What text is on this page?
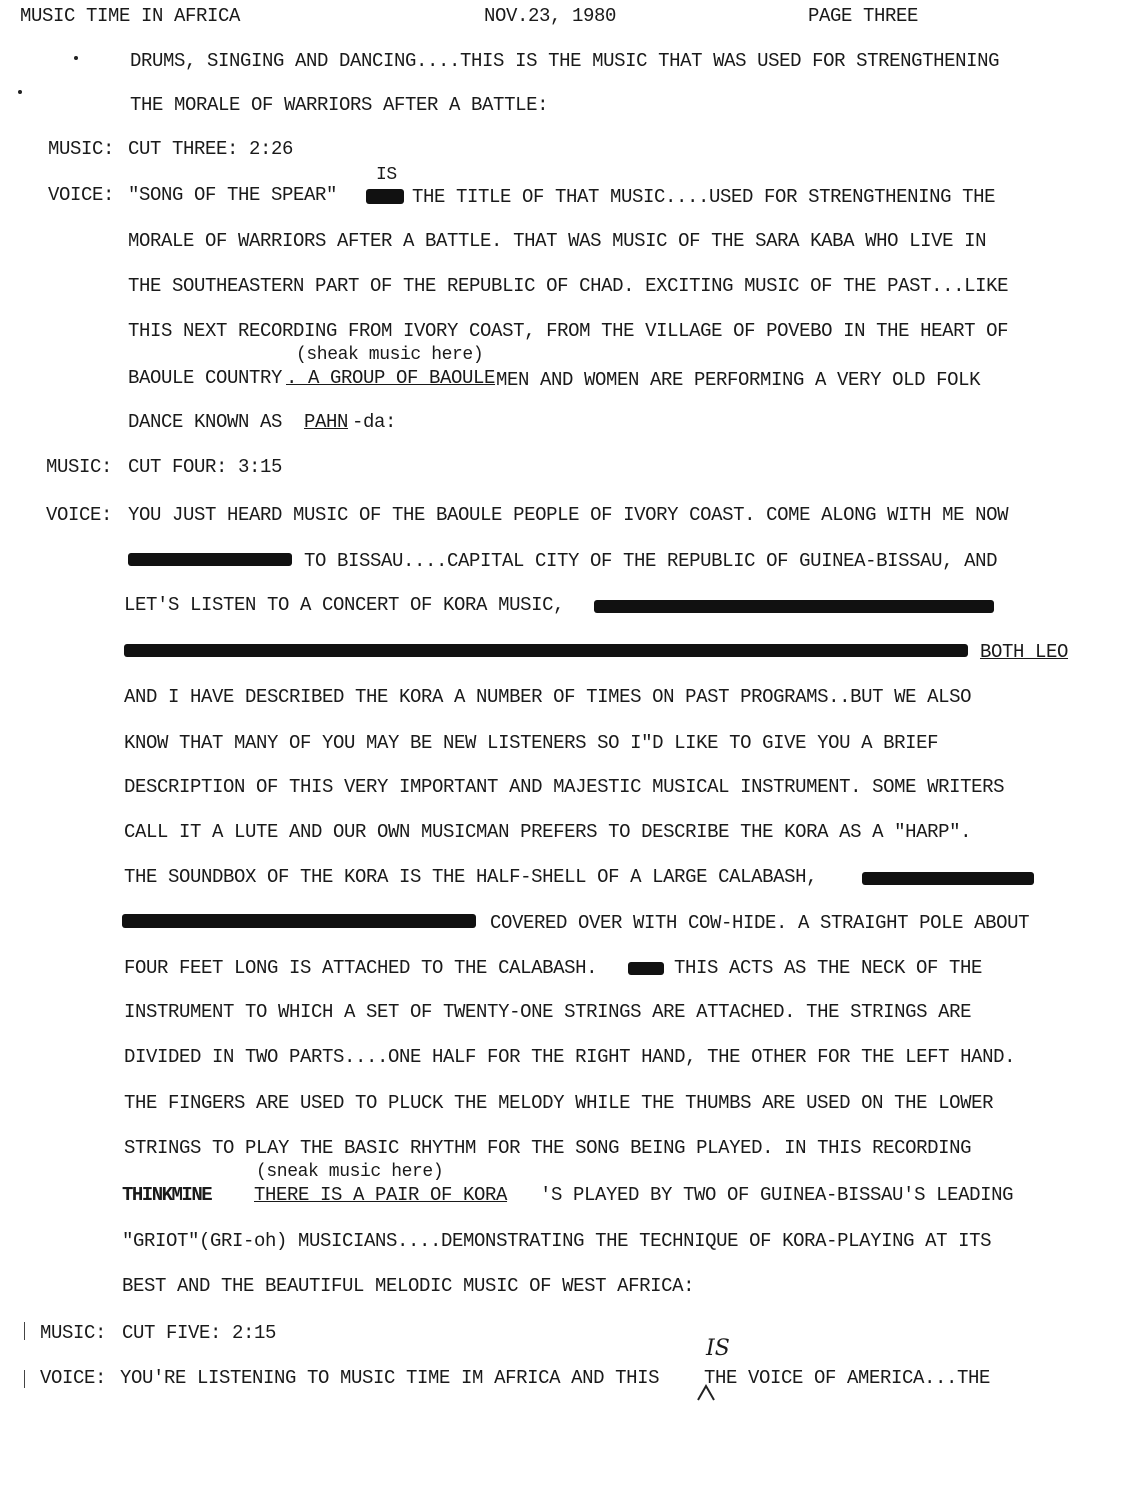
MUSIC TIME IN AFRICA	NOV.23, 1980	PAGE THREE
DRUMS, SINGING AND DANCING....THIS IS THE MUSIC THAT WAS USED FOR STRENGTHENING
THE MORALE OF WARRIORS AFTER A BATTLE:
MUSIC: CUT THREE: 2:26
IS
VOICE: "SONG OF THE SPEAR"	THE TITLE OF THAT MUSIC....USED FOR STRENGTHENING THE
MORALE OF WARRIORS AFTER A BATTLE. THAT WAS MUSIC OF THE SARA KABA WHO LIVE IN
THE SOUTHEASTERN PART OF THE REPUBLIC OF CHAD. EXCITING MUSIC OF THE PAST...LIKE
THIS NEXT RECORDING FROM IVORY COAST, FROM THE VILLAGE OF POVEBO IN THE HEART OF
(sheak music here)
BAOULE COUNTRY . A GROUP OF BAOULE MEN AND WOMEN ARE PERFORMING A VERY OLD FOLK
DANCE KNOWN AS PAHN -da:
MUSIC: CUT FOUR: 3:15
VOICE: YOU JUST HEARD MUSIC OF THE BAOULE PEOPLE OF IVORY COAST. COME ALONG WITH ME NOW
TO BISSAU....CAPITAL CITY OF THE REPUBLIC OF GUINEA-BISSAU, AND
LET'S LISTEN TO A CONCERT OF KORA MUSIC,
BOTH LEO
AND I HAVE DESCRIBED THE KORA A NUMBER OF TIMES ON PAST PROGRAMS..BUT WE ALSO
KNOW THAT MANY OF YOU MAY BE NEW LISTENERS SO I"D LIKE TO GIVE YOU A BRIEF
DESCRIPTION OF THIS VERY IMPORTANT AND MAJESTIC MUSICAL INSTRUMENT. SOME WRITERS
CALL IT A LUTE AND OUR OWN MUSICMAN PREFERS TO DESCRIBE THE KORA AS A "HARP".
THE SOUNDBOX OF THE KORA IS THE HALF-SHELL OF A LARGE CALABASH,
COVERED OVER WITH COW-HIDE. A STRAIGHT POLE ABOUT
FOUR FEET LONG IS ATTACHED TO THE CALABASH.	THIS ACTS AS THE NECK OF THE
INSTRUMENT TO WHICH A SET OF TWENTY-ONE STRINGS ARE ATTACHED. THE STRINGS ARE
DIVIDED IN TWO PARTS....ONE HALF FOR THE RIGHT HAND, THE OTHER FOR THE LEFT HAND.
THE FINGERS ARE USED TO PLUCK THE MELODY WHILE THE THUMBS ARE USED ON THE LOWER
STRINGS TO PLAY THE BASIC RHYTHM FOR THE SONG BEING PLAYED. IN THIS RECORDING
(sneak music here)
THINKMINE THERE IS A PAIR OF KORA 'S PLAYED BY TWO OF GUINEA-BISSAU'S LEADING
"GRIOT"(GRI-oh) MUSICIANS....DEMONSTRATING THE TECHNIQUE OF KORA-PLAYING AT ITS
BEST AND THE BEAUTIFUL MELODIC MUSIC OF WEST AFRICA:
MUSIC: CUT FIVE: 2:15
IS
VOICE: YOU'RE LISTENING TO MUSIC TIME IM AFRICA AND THIS THE VOICE OF AMERICA...THE
